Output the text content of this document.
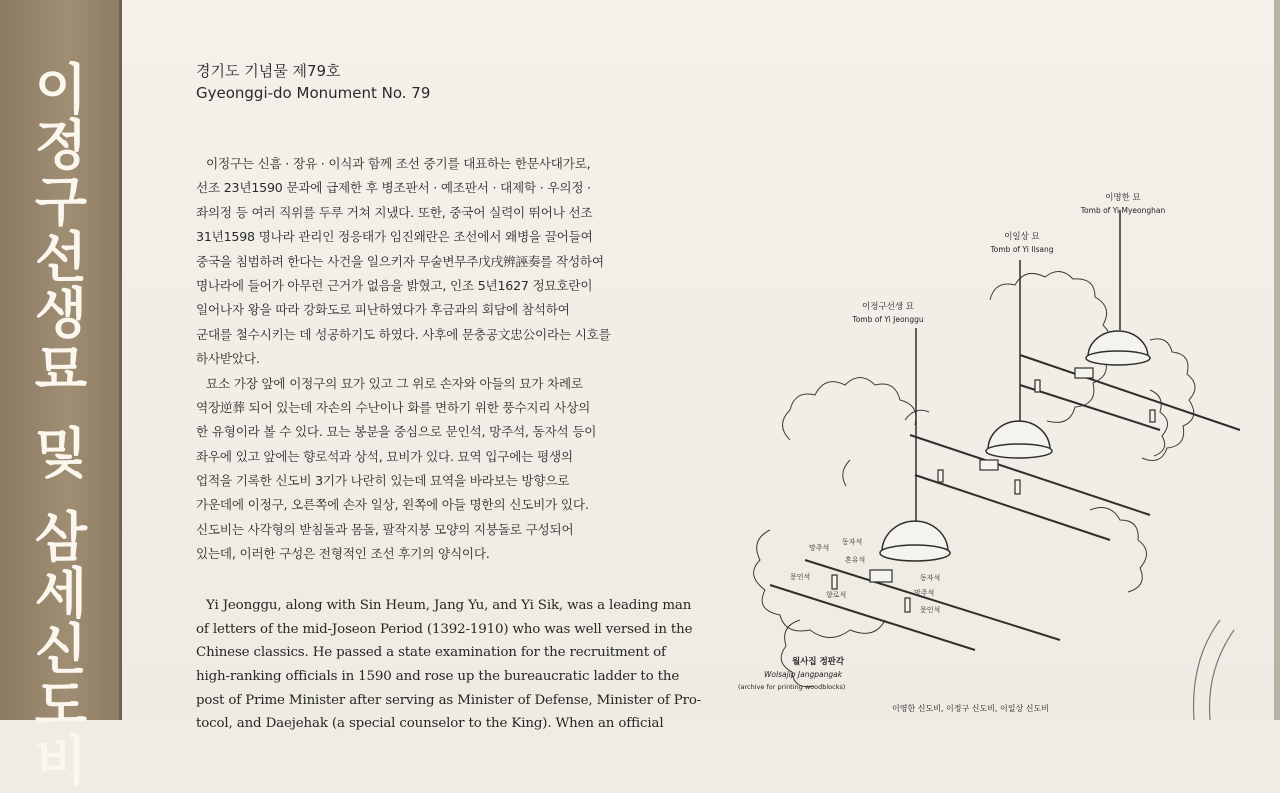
이
정
구
선
생
묘
및
삼
세
신
도
비

경기도 기념물 제79호

Gyeonggi-do Monument No. 79

이정구는 신흠 · 장유 · 이식과 함께 조선 중기를 대표하는 한문사대가로,
선조 23년1590 문과에 급제한 후 병조판서 · 예조판서 · 대제학 · 우의정 ·
좌의정 등 여러 직위를 두루 거쳐 지냈다. 또한, 중국어 실력이 뛰어나 선조
31년1598 명나라 관리인 정응태가 임진왜란은 조선에서 왜병을 끌어들여
중국을 침범하려 한다는 사건을 일으키자 무술변무주戊戌辨誣奏를 작성하여
명나라에 들어가 아무런 근거가 없음을 밝혔고, 인조 5년1627 정묘호란이
일어나자 왕을 따라 강화도로 피난하였다가 후금과의 회담에 참석하여
군대를 철수시키는 데 성공하기도 하였다. 사후에 문충공文忠公이라는 시호를
하사받았다.
묘소 가장 앞에 이정구의 묘가 있고 그 위로 손자와 아들의 묘가 차례로
역장逆葬 되어 있는데 자손의 수난이나 화를 면하기 위한 풍수지리 사상의
한 유형이라 볼 수 있다. 묘는 봉분을 중심으로 문인석, 망주석, 동자석 등이
좌우에 있고 앞에는 향로석과 상석, 묘비가 있다. 묘역 입구에는 평생의
업적을 기록한 신도비 3기가 나란히 있는데 묘역을 바라보는 방향으로
가운데에 이정구, 오른쪽에 손자 일상, 왼쪽에 아들 명한의 신도비가 있다.
신도비는 사각형의 받침돌과 몸돌, 팔작지붕 모양의 지붕돌로 구성되어
있는데, 이러한 구성은 전형적인 조선 후기의 양식이다.
Yi Jeonggu, along with Sin Heum, Jang Yu, and Yi Sik, was a leading man
of letters of the mid-Joseon Period (1392-1910) who was well versed in the
Chinese classics. He passed a state examination for the recruitment of
high-ranking officials in 1590 and rose up the bureaucratic ladder to the
post of Prime Minister after serving as Minister of Defense, Minister of Pro-
tocol, and Daejehak (a special counselor to the King). When an official
이명한 묘
Tomb of Yi Myeonghan
이일상 묘
Tomb of Yi Ilsang
이정구선생 묘
Tomb of Yi Jeonggu
망주석
동자석
혼유석
문인석
향로석
동자석
망주석
문인석
월사집 정판각
Wolsajip Jangpangak
(archive for printing woodblocks)
이영한 신도비, 이정구 신도비, 이일상 신도비
